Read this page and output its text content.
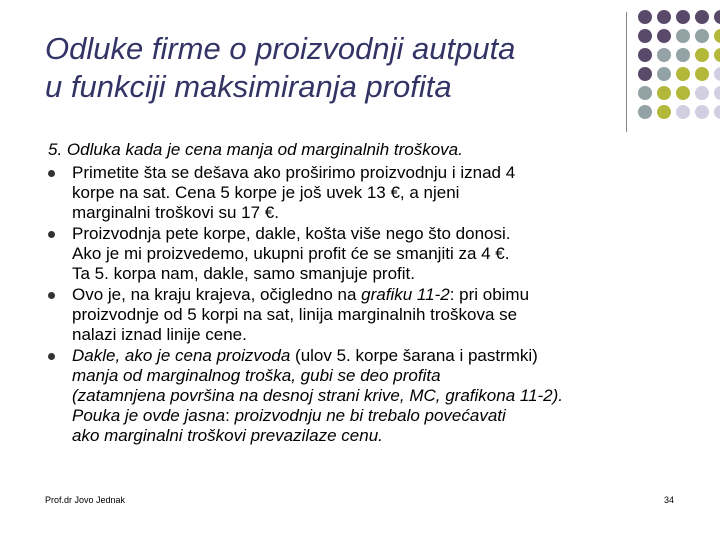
Odluke firme o proizvodnji autputa
u funkciji maksimiranja profita

5. Odluka kada je cena manja od marginalnih troškova.

Primetite šta se dešava ako proširimo proizvodnju i iznad 4
korpe na sat. Cena 5 korpe je još uvek 13 €, a njeni
marginalni troškovi su 17 €.
Proizvodnja pete korpe, dakle, košta više nego što donosi.
Ako je mi proizvedemo, ukupni profit će se smanjiti za 4 €.
Ta 5. korpa nam, dakle, samo smanjuje profit.
Ovo je, na kraju krajeva, očigledno na grafiku 11-2: pri obimu
proizvodnje od 5 korpi na sat, linija marginalnih troškova se
nalazi iznad linije cene.
Dakle, ako je cena proizvoda (ulov 5. korpe šarana i pastrmki)
manja od marginalnog troška, gubi se deo profita
(zatamnjena površina na desnoj strani krive, MC, grafikona 11-2).
Pouka je ovde jasna: proizvodnju ne bi trebalo povećavati
ako marginalni troškovi prevazilaze cenu.
Prof.dr Jovo Jednak	34
